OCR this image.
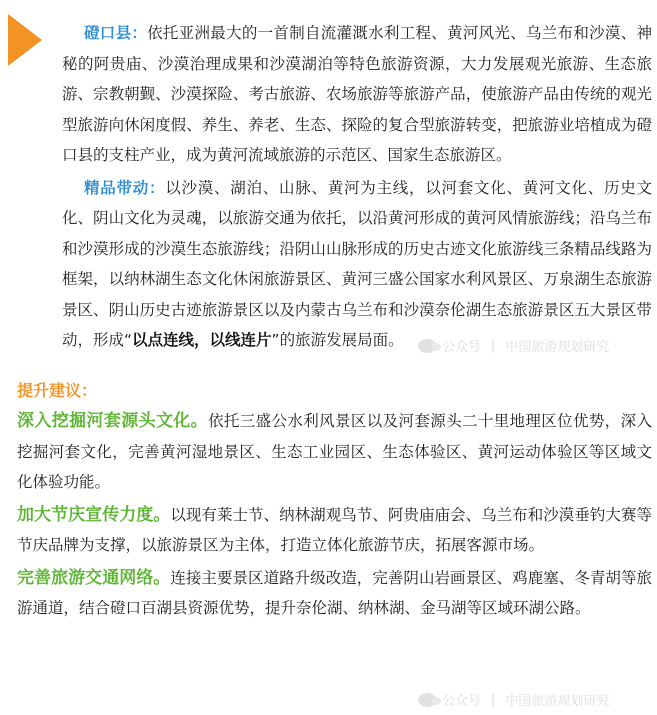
磴口县：依托亚洲最大的一首制自流灌溉水利工程、黄河风光、乌兰布和沙漠、神秘的阿贵庙、沙漠治理成果和沙漠湖泊等特色旅游资源，大力发展观光旅游、生态旅游、宗教朝觐、沙漠探险、考古旅游、农场旅游等旅游产品，使旅游产品由传统的观光型旅游向休闲度假、养生、养老、生态、探险的复合型旅游转变，把旅游业培植成为磴口县的支柱产业，成为黄河流域旅游的示范区、国家生态旅游区。

精品带动：以沙漠、湖泊、山脉、黄河为主线，以河套文化、黄河文化、历史文化、阴山文化为灵魂，以旅游交通为依托，以沿黄河形成的黄河风情旅游线；沿乌兰布和沙漠形成的沙漠生态旅游线；沿阴山山脉形成的历史古迹文化旅游线三条精品线路为框架，以纳林湖生态文化休闲旅游景区、黄河三盛公国家水利风景区、万泉湖生态旅游景区、阴山历史古迹旅游景区以及内蒙古乌兰布和沙漠奈伦湖生态旅游景区五大景区带动，形成“以点连线，以线连片”的旅游发展局面。	公众号 | 中国旅游规划研究
提升建议：

深入挖掘河套源头文化。依托三盛公水利风景区以及河套源头二十里地理区位优势，深入挖掘河套文化，完善黄河湿地景区、生态工业园区、生态体验区、黄河运动体验区等区域文化体验功能。

加大节庆宣传力度。以现有莱士节、纳林湖观鸟节、阿贵庙庙会、乌兰布和沙漠垂钓大赛等节庆品牌为支撑，以旅游景区为主体，打造立体化旅游节庆，拓展客源市场。

完善旅游交通网络。连接主要景区道路升级改造，完善阴山岩画景区、鸡鹿塞、冬青胡等旅游通道，结合磴口百湖县资源优势，提升奈伦湖、纳林湖、金马湖等区域环湖公路。

公众号 | 中国旅游规划研究
